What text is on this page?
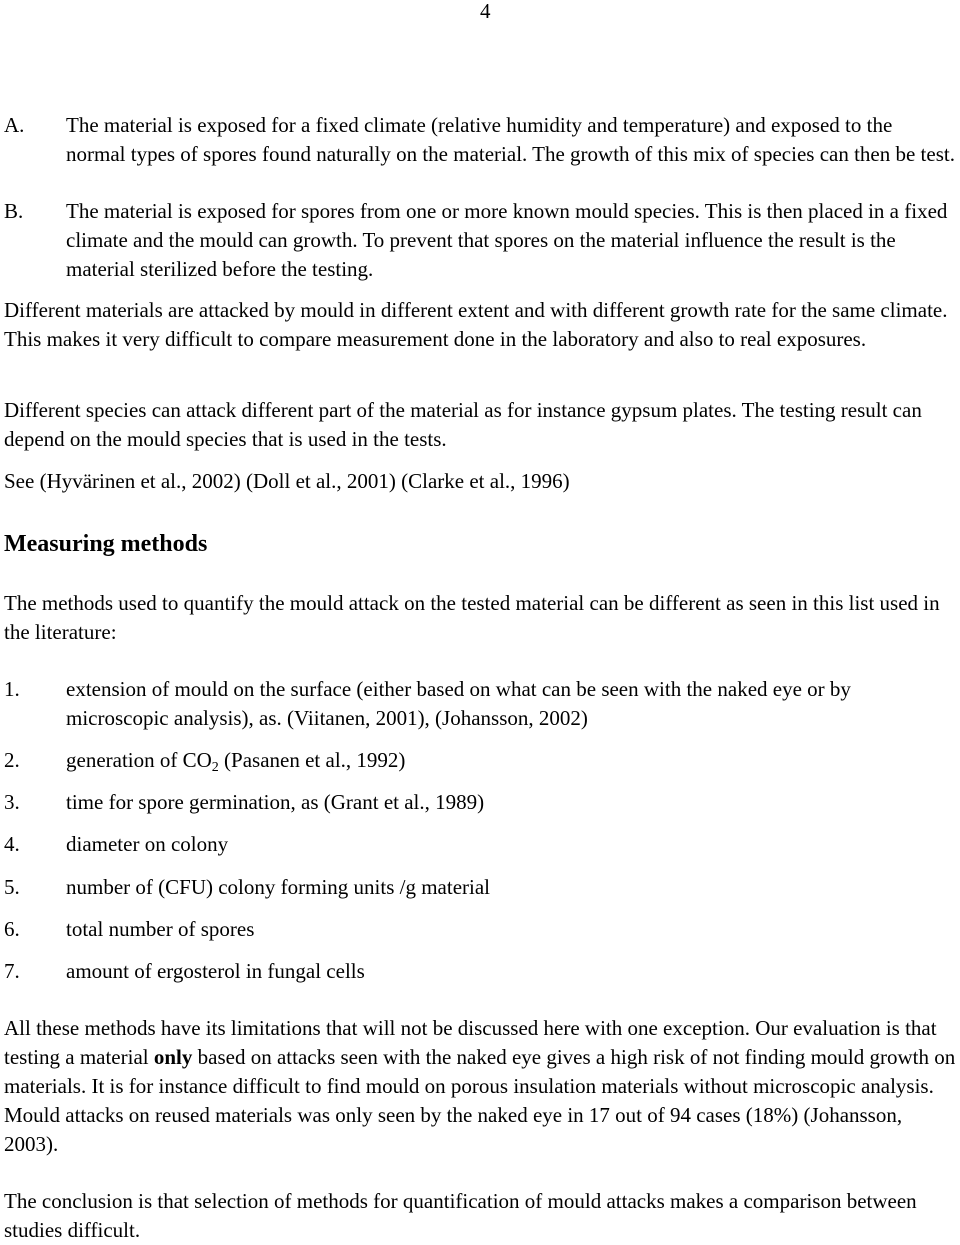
4
A.	The material is exposed for a fixed climate (relative humidity and temperature) and exposed to the normal types of spores found naturally on the material. The growth of this mix of species can then be test.
B.	The material is exposed for spores from one or more known mould species. This is then placed in a fixed climate and the mould can growth. To prevent that spores on the material influence the result is the material sterilized before the testing.

Different materials are attacked by mould in different extent and with different growth rate for the same climate. This makes it very difficult to compare measurement done in the laboratory and also to real exposures.

Different species can attack different part of the material as for instance gypsum plates. The testing result can depend on the mould species that is used in the tests.

See (Hyvärinen et al., 2002) (Doll et al., 2001) (Clarke et al., 1996)

Measuring methods

The methods used to quantify the mould attack on the tested material can be different as seen in this list used in the literature:

1.	extension of mould on the surface (either based on what can be seen with the naked eye or by microscopic analysis), as. (Viitanen, 2001), (Johansson, 2002)
2.	generation of $CO_2$ (Pasanen et al., 1992)
3.	time for spore germination, as (Grant et al., 1989)
4.	diameter on colony
5.	number of (CFU) colony forming units /g material
6.	total number of spores
7.	amount of ergosterol in fungal cells

All these methods have its limitations that will not be discussed here with one exception. Our evaluation is that testing a material only based on attacks seen with the naked eye gives a high risk of not finding mould growth on materials. It is for instance difficult to find mould on porous insulation materials without microscopic analysis. Mould attacks on reused materials was only seen by the naked eye in 17 out of 94 cases (18%) (Johansson, 2003).

The conclusion is that selection of methods for quantification of mould attacks makes a comparison between studies difficult.
